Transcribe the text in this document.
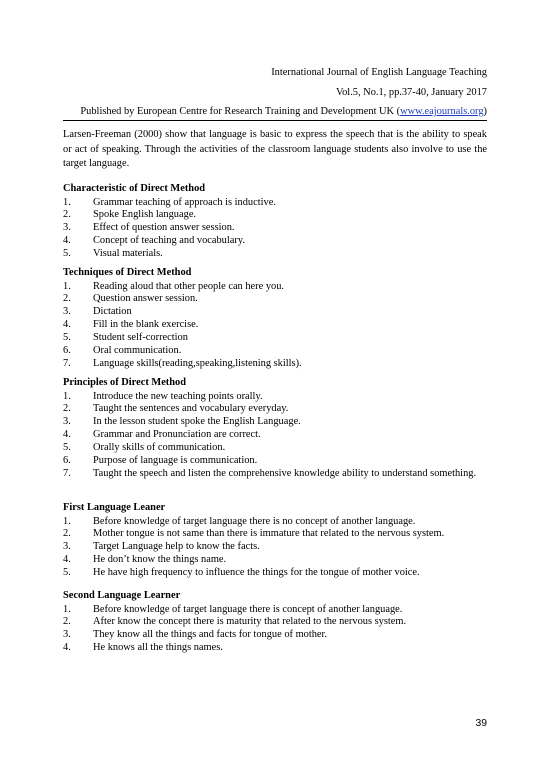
International Journal of English Language Teaching
Vol.5, No.1, pp.37-40, January 2017
Published by European Centre for Research Training and Development UK (www.eajournals.org)

Larsen-Freeman (2000) show that language is basic to express the speech that is the ability to speak or act of speaking. Through the activities of the classroom language students also involve to use the target language.

Characteristic of Direct Method
1.	Grammar teaching of approach is inductive.
2.	Spoke English language.
3.	Effect of question answer session.
4.	Concept of teaching and vocabulary.
5.	Visual materials.
Techniques of Direct Method
1.	Reading aloud that other people can here you.
2.	Question answer session.
3.	Dictation
4.	Fill in the blank exercise.
5.	Student self-correction
6.	Oral communication.
7.	Language skills(reading,speaking,listening skills).
Principles of Direct Method
1.	Introduce the new teaching points orally.
2.	Taught the sentences and vocabulary everyday.
3.	In the lesson student spoke the English Language.
4.	Grammar and Pronunciation are correct.
5.	Orally skills of communication.
6.	Purpose of language is communication.
7. Taught the speech and listen the comprehensive knowledge ability to understand something.
First Language Leaner
1.	Before knowledge of target language there is no concept of another language.
2.	Mother tongue is not same than there is immature that related to the nervous system.
3.	Target Language help to know the facts.
4.	He don’t know the things name.
5.	He have high frequency to influence the things for the tongue of mother voice.
Second Language Learner
1.	Before knowledge of target language there is concept of another language.
2.	After know the concept there is maturity that related to the nervous system.
3.	They know all the things and facts for tongue of mother.
4.	He knows all the things names.
39
